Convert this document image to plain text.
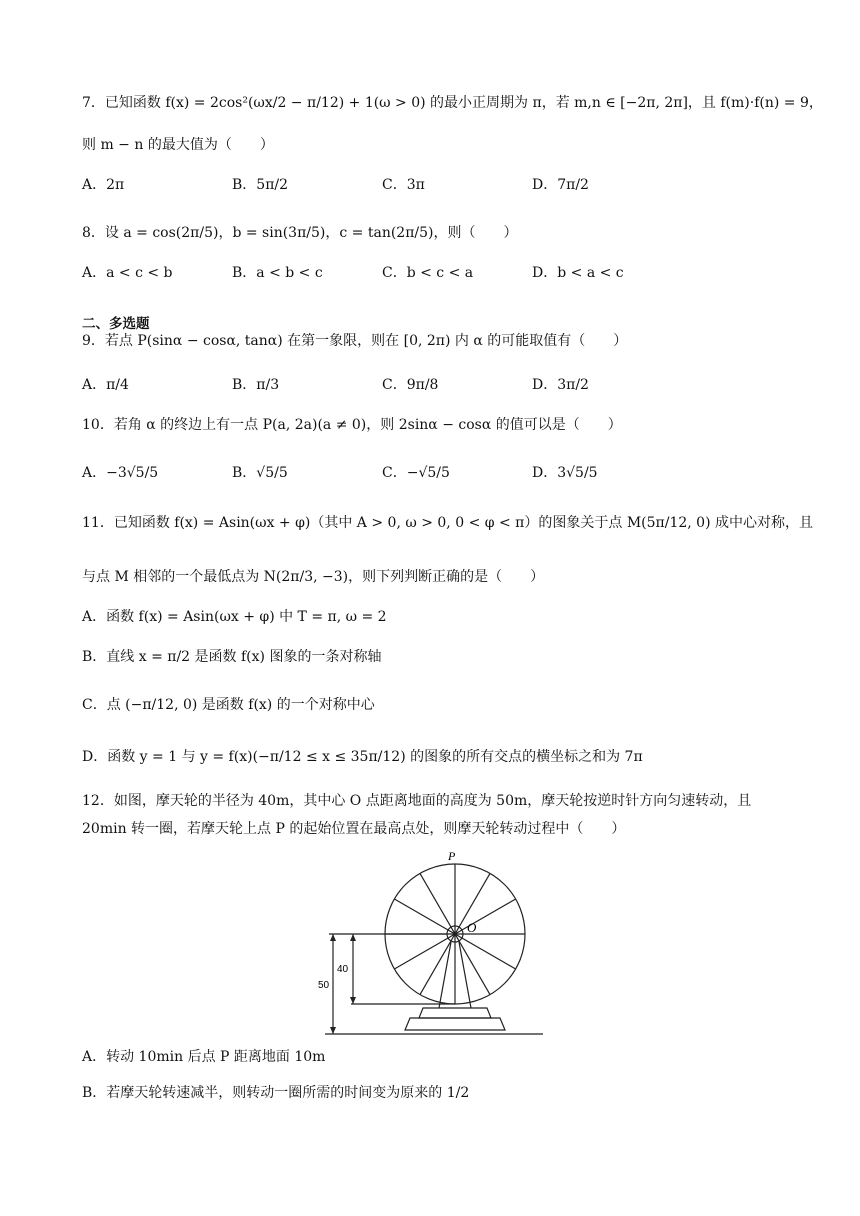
7．已知函数 f(x) = 2cos²(ωx/2 − π/12) + 1(ω > 0) 的最小正周期为 π，若 m,n ∈ [−2π, 2π]，且 f(m)·f(n) = 9，
则 m − n 的最大值为（　　）
A．2π	B．5π/2	C．3π	D．7π/2
8．设 a = cos(2π/5)，b = sin(3π/5)，c = tan(2π/5)，则（　　）
A．a < c < b	B．a < b < c	C．b < c < a	D．b < a < c
二、多选题
9．若点 P(sinα − cosα, tanα) 在第一象限，则在 [0, 2π) 内 α 的可能取值有（　　）
A．π/4	B．π/3	C．9π/8	D．3π/2
10．若角 α 的终边上有一点 P(a, 2a)(a ≠ 0)，则 2sinα − cosα 的值可以是（　　）
A．−3√5/5	B．√5/5	C．−√5/5	D．3√5/5
11．已知函数 f(x) = Asin(ωx + φ)（其中 A > 0, ω > 0, 0 < φ < π）的图象关于点 M(5π/12, 0) 成中心对称，且
与点 M 相邻的一个最低点为 N(2π/3, −3)，则下列判断正确的是（　　）
A．函数 f(x) = Asin(ωx + φ) 中 T = π, ω = 2
B．直线 x = π/2 是函数 f(x) 图象的一条对称轴
C．点 (−π/12, 0) 是函数 f(x) 的一个对称中心
D．函数 y = 1 与 y = f(x)(−π/12 ≤ x ≤ 35π/12) 的图象的所有交点的横坐标之和为 7π
12．如图，摩天轮的半径为 40m，其中心 O 点距离地面的高度为 50m，摩天轮按逆时针方向匀速转动，且
20min 转一圈，若摩天轮上点 P 的起始位置在最高点处，则摩天轮转动过程中（　　）
P
O
40
50
A．转动 10min 后点 P 距离地面 10m
B．若摩天轮转速减半，则转动一圈所需的时间变为原来的 1/2
